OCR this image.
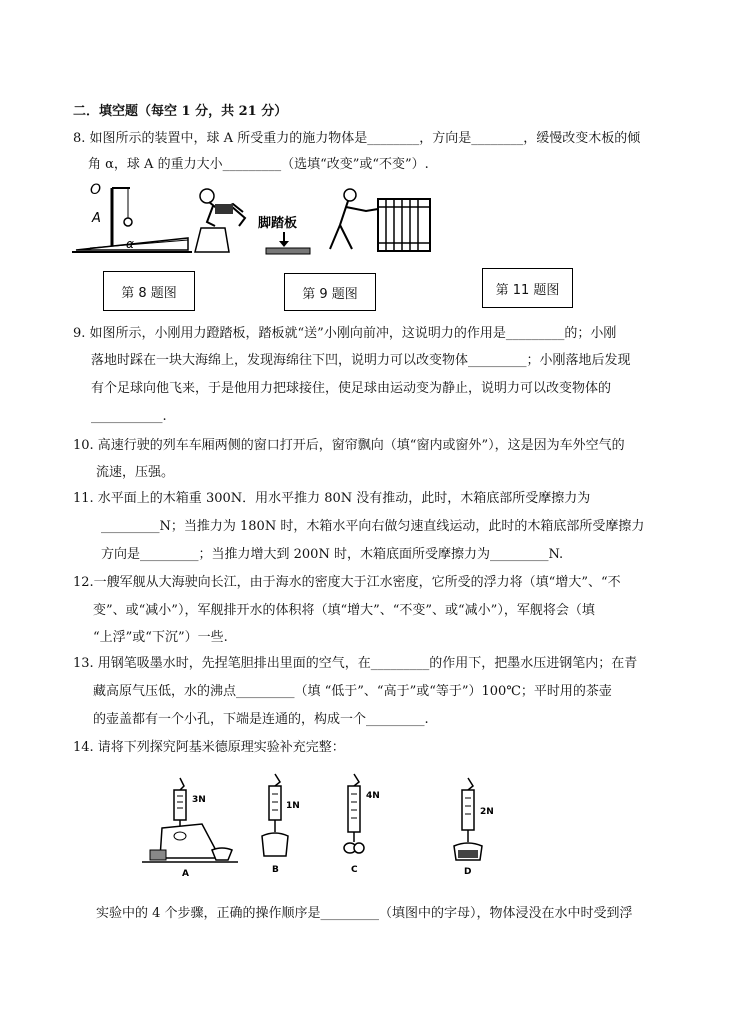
二．填空题（每空 1 分，共 21 分）
8. 如图所示的装置中，球 A 所受重力的施力物体是________，方向是________，缓慢改变木板的倾
角 α，球 A 的重力大小_________（选填“改变”或“不变”）.
O
A
α
脚踏板
第 8 题图	第 9 题图	第 11 题图
9. 如图所示，小刚用力蹬踏板，踏板就“送”小刚向前冲，这说明力的作用是_________的；小刚
落地时踩在一块大海绵上，发现海绵往下凹，说明力可以改变物体_________；小刚落地后发现
有个足球向他飞来，于是他用力把球接住，使足球由运动变为静止，说明力可以改变物体的
___________.
10. 高速行驶的列车车厢两侧的窗口打开后，窗帘飘向（填“窗内或窗外”），这是因为车外空气的
流速，压强。
11. 水平面上的木箱重 300N．用水平推力 80N 没有推动，此时，木箱底部所受摩擦力为
_________N；当推力为 180N 时，木箱水平向右做匀速直线运动，此时的木箱底部所受摩擦力
方向是_________；当推力增大到 200N 时，木箱底面所受摩擦力为_________N.
12.一艘军舰从大海驶向长江，由于海水的密度大于江水密度，它所受的浮力将（填“增大”、“不
变”、或“减小”），军舰排开水的体积将（填“增大”、“不变”、或“减小”），军舰将会（填
“上浮”或“下沉”）一些.
13. 用钢笔吸墨水时，先捏笔胆排出里面的空气，在_________的作用下，把墨水压进钢笔内；在青
藏高原气压低，水的沸点_________（填 “低于”、“高于”或“等于”）100℃；平时用的茶壶
的壶盖都有一个小孔，下端是连通的，构成一个_________.
14. 请将下列探究阿基米德原理实验补充完整：
3N
A
1N
B
4N
C
2N
D
实验中的 4 个步骤，正确的操作顺序是_________（填图中的字母），物体浸没在水中时受到浮
